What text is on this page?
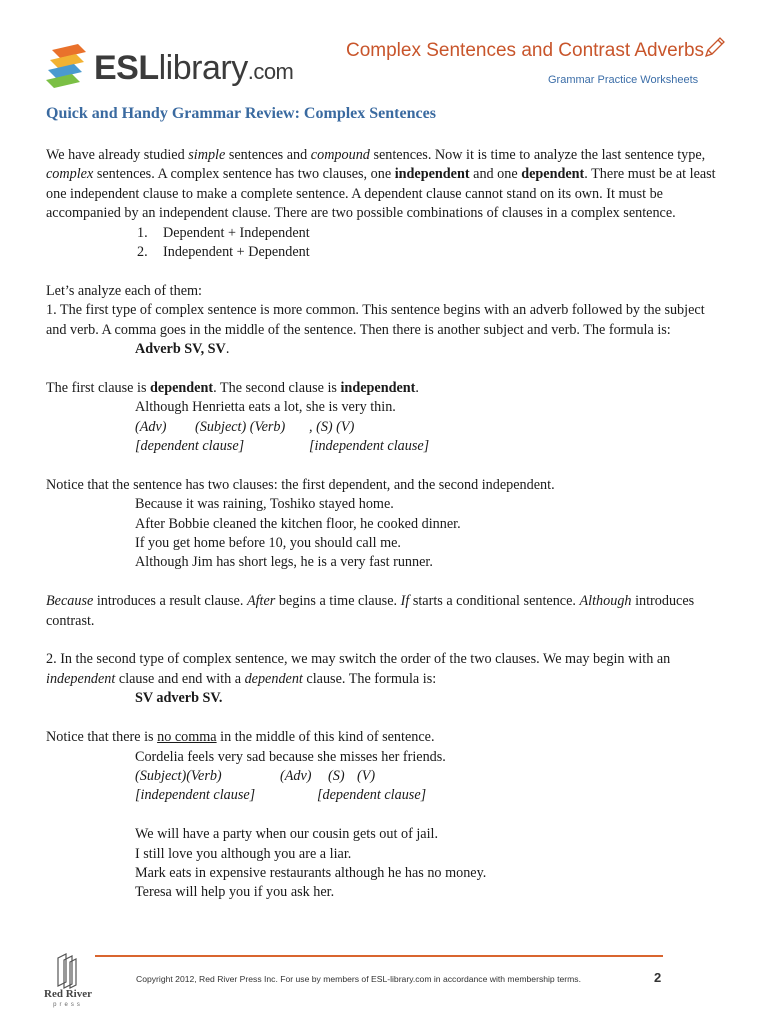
ESLlibrary.com
Complex Sentences and Contrast Adverbs
Grammar Practice Worksheets
Quick and Handy Grammar Review: Complex Sentences

We have already studied simple sentences and compound sentences. Now it is time to analyze the last sentence type, complex sentences. A complex sentence has two clauses, one independent and one dependent. There must be at least one independent clause to make a complete sentence. A dependent clause cannot stand on its own. It must be accompanied by an independent clause. There are two possible combinations of clauses in a complex sentence.

1. Dependent + Independent
2. Independent + Dependent

Let’s analyze each of them:

1. The first type of complex sentence is more common. This sentence begins with an adverb followed by the subject and verb. A comma goes in the middle of the sentence. Then there is another subject and verb. The formula is:Adverb SV, SV.

The first clause is dependent. The second clause is independent.

Although Henrietta eats a lot, she is very thin.
(Adv) (Subject) (Verb) , (S) (V)
[dependent clause]	[independent clause]

Notice that the sentence has two clauses: the first dependent, and the second independent.

Because it was raining, Toshiko stayed home.
After Bobbie cleaned the kitchen floor, he cooked dinner.
If you get home before 10, you should call me.
Although Jim has short legs, he is a very fast runner.

Because introduces a result clause. After begins a time clause. If starts a conditional sentence. Although introduces contrast.

2. In the second type of complex sentence, we may switch the order of the two clauses. We may begin with an independent clause and end with a dependent clause. The formula is:

SV adverb SV.

Notice that there is no comma in the middle of this kind of sentence.

Cordelia feels very sad because she misses her friends.
(Subject)(Verb)	(Adv) (S) (V)
[independent clause]	[dependent clause]
We will have a party when our cousin gets out of jail.
I still love you although you are a liar.
Mark eats in expensive restaurants although he has no money.
Teresa will help you if you ask her.
Red River
press
Copyright 2012, Red River Press Inc. For use by members of ESL-library.com in accordance with membership terms.	2
